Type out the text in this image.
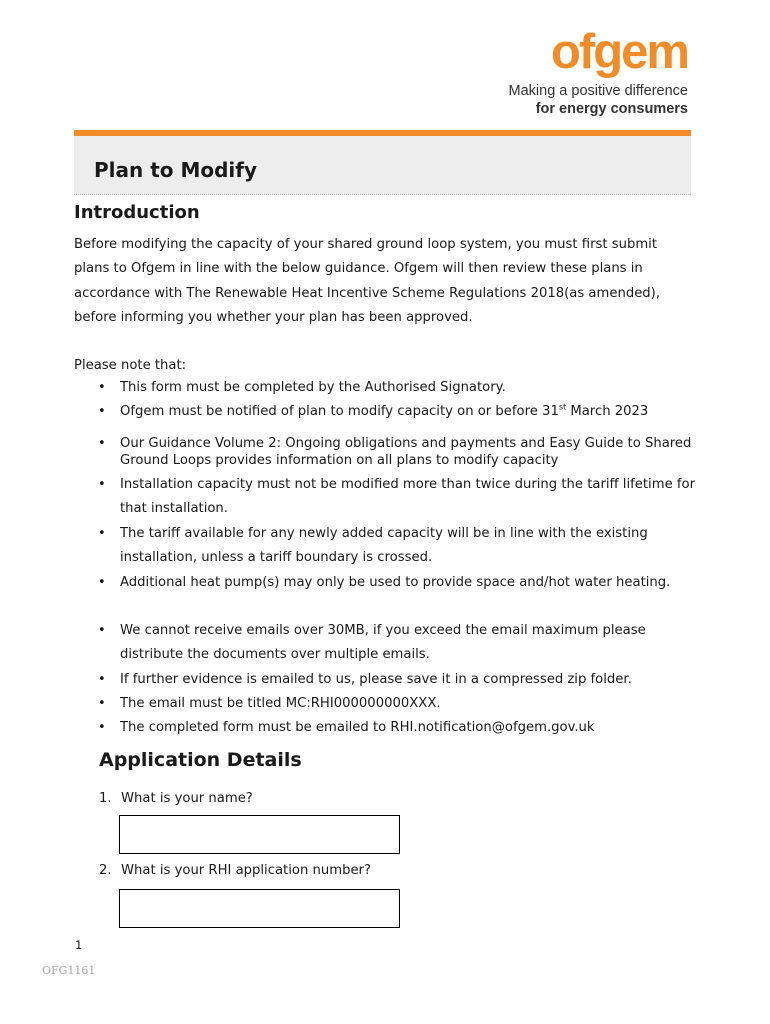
ofgem
Making a positive difference
for energy consumers
Plan to Modify
Introduction

Before modifying the capacity of your shared ground loop system, you must first submit plans to Ofgem in line with the below guidance. Ofgem will then review these plans in accordance with The Renewable Heat Incentive Scheme Regulations 2018(as amended), before informing you whether your plan has been approved.

Please note that:

• This form must be completed by the Authorised Signatory.
• Ofgem must be notified of plan to modify capacity on or before 31st March 2023
• Our Guidance Volume 2: Ongoing obligations and payments and Easy Guide to Shared Ground Loops provides information on all plans to modify capacity
• Installation capacity must not be modified more than twice during the tariff lifetime for that installation.
• The tariff available for any newly added capacity will be in line with the existing installation, unless a tariff boundary is crossed.
• Additional heat pump(s) may only be used to provide space and/hot water heating.
• We cannot receive emails over 30MB, if you exceed the email maximum please distribute the documents over multiple emails.
• If further evidence is emailed to us, please save it in a compressed zip folder.
• The email must be titled MC:RHI000000000XXX.
• The completed form must be emailed to RHI.notification@ofgem.gov.uk
Application Details

1. What is your name?

2. What is your RHI application number?

1
OFG1161
